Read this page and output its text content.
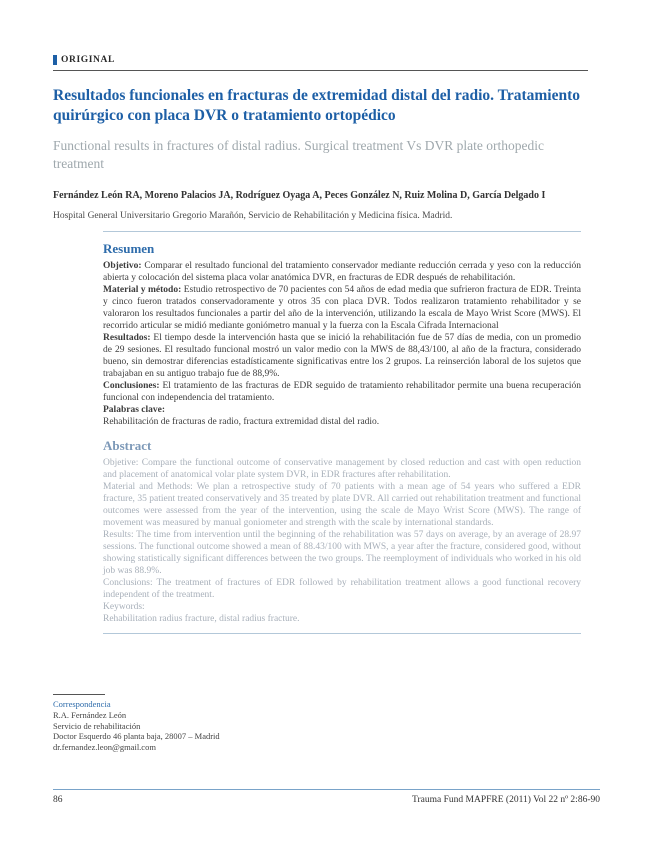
ORIGINAL
Resultados funcionales en fracturas de extremidad distal del radio. Tratamiento quirúrgico con placa DVR o tratamiento ortopédico
Functional results in fractures of distal radius. Surgical treatment Vs DVR plate orthopedic treatment
Fernández León RA, Moreno Palacios JA, Rodríguez Oyaga A, Peces González N, Ruiz Molina D, García Delgado I
Hospital General Universitario Gregorio Marañón, Servicio de Rehabilitación y Medicina física. Madrid.
Resumen

Objetivo: Comparar el resultado funcional del tratamiento conservador mediante reducción cerrada y yeso con la reducción abierta y colocación del sistema placa volar anatómica DVR, en fracturas de EDR después de rehabilitación.

Material y método: Estudio retrospectivo de 70 pacientes con 54 años de edad media que sufrieron fractura de EDR. Treinta y cinco fueron tratados conservadoramente y otros 35 con placa DVR. Todos realizaron tratamiento rehabilitador y se valoraron los resultados funcionales a partir del año de la intervención, utilizando la escala de Mayo Wrist Score (MWS). El recorrido articular se midió mediante goniómetro manual y la fuerza con la Escala Cifrada Internacional

Resultados: El tiempo desde la intervención hasta que se inició la rehabilitación fue de 57 días de media, con un promedio de 29 sesiones. El resultado funcional mostró un valor medio con la MWS de 88,43/100, al año de la fractura, considerado bueno, sin demostrar diferencias estadísticamente significativas entre los 2 grupos. La reinserción laboral de los sujetos que trabajaban en su antiguo trabajo fue de 88,9%.

Conclusiones: El tratamiento de las fracturas de EDR seguido de tratamiento rehabilitador permite una buena recuperación funcional con independencia del tratamiento.

Palabras clave:

Rehabilitación de fracturas de radio, fractura extremidad distal del radio.

Abstract

Objetive: Compare the functional outcome of conservative management by closed reduction and cast with open reduction and placement of anatomical volar plate system DVR, in EDR fractures after rehabilitation.

Material and Methods: We plan a retrospective study of 70 patients with a mean age of 54 years who suffered a EDR fracture, 35 patient treated conservatively and 35 treated by plate DVR. All carried out rehabilitation treatment and functional outcomes were assessed from the year of the intervention, using the scale de Mayo Wrist Score (MWS). The range of movement was measured by manual goniometer and strength with the scale by international standards.

Results: The time from intervention until the beginning of the rehabilitation was 57 days on average, by an average of 28.97 sessions. The functional outcome showed a mean of 88.43/100 with MWS, a year after the fracture, considered good, without showing statistically significant differences between the two groups. The reemployment of individuals who worked in his old job was 88.9%.

Conclusions: The treatment of fractures of EDR followed by rehabilitation treatment allows a good functional recovery independent of the treatment.

Keywords:

Rehabilitation radius fracture, distal radius fracture.

Correspondencia
R.A. Fernández León
Servicio de rehabilitación
Doctor Esquerdo 46 planta baja, 28007 – Madrid
dr.fernandez.leon@gmail.com
86	Trauma Fund MAPFRE (2011) Vol 22 nº 2:86-90
